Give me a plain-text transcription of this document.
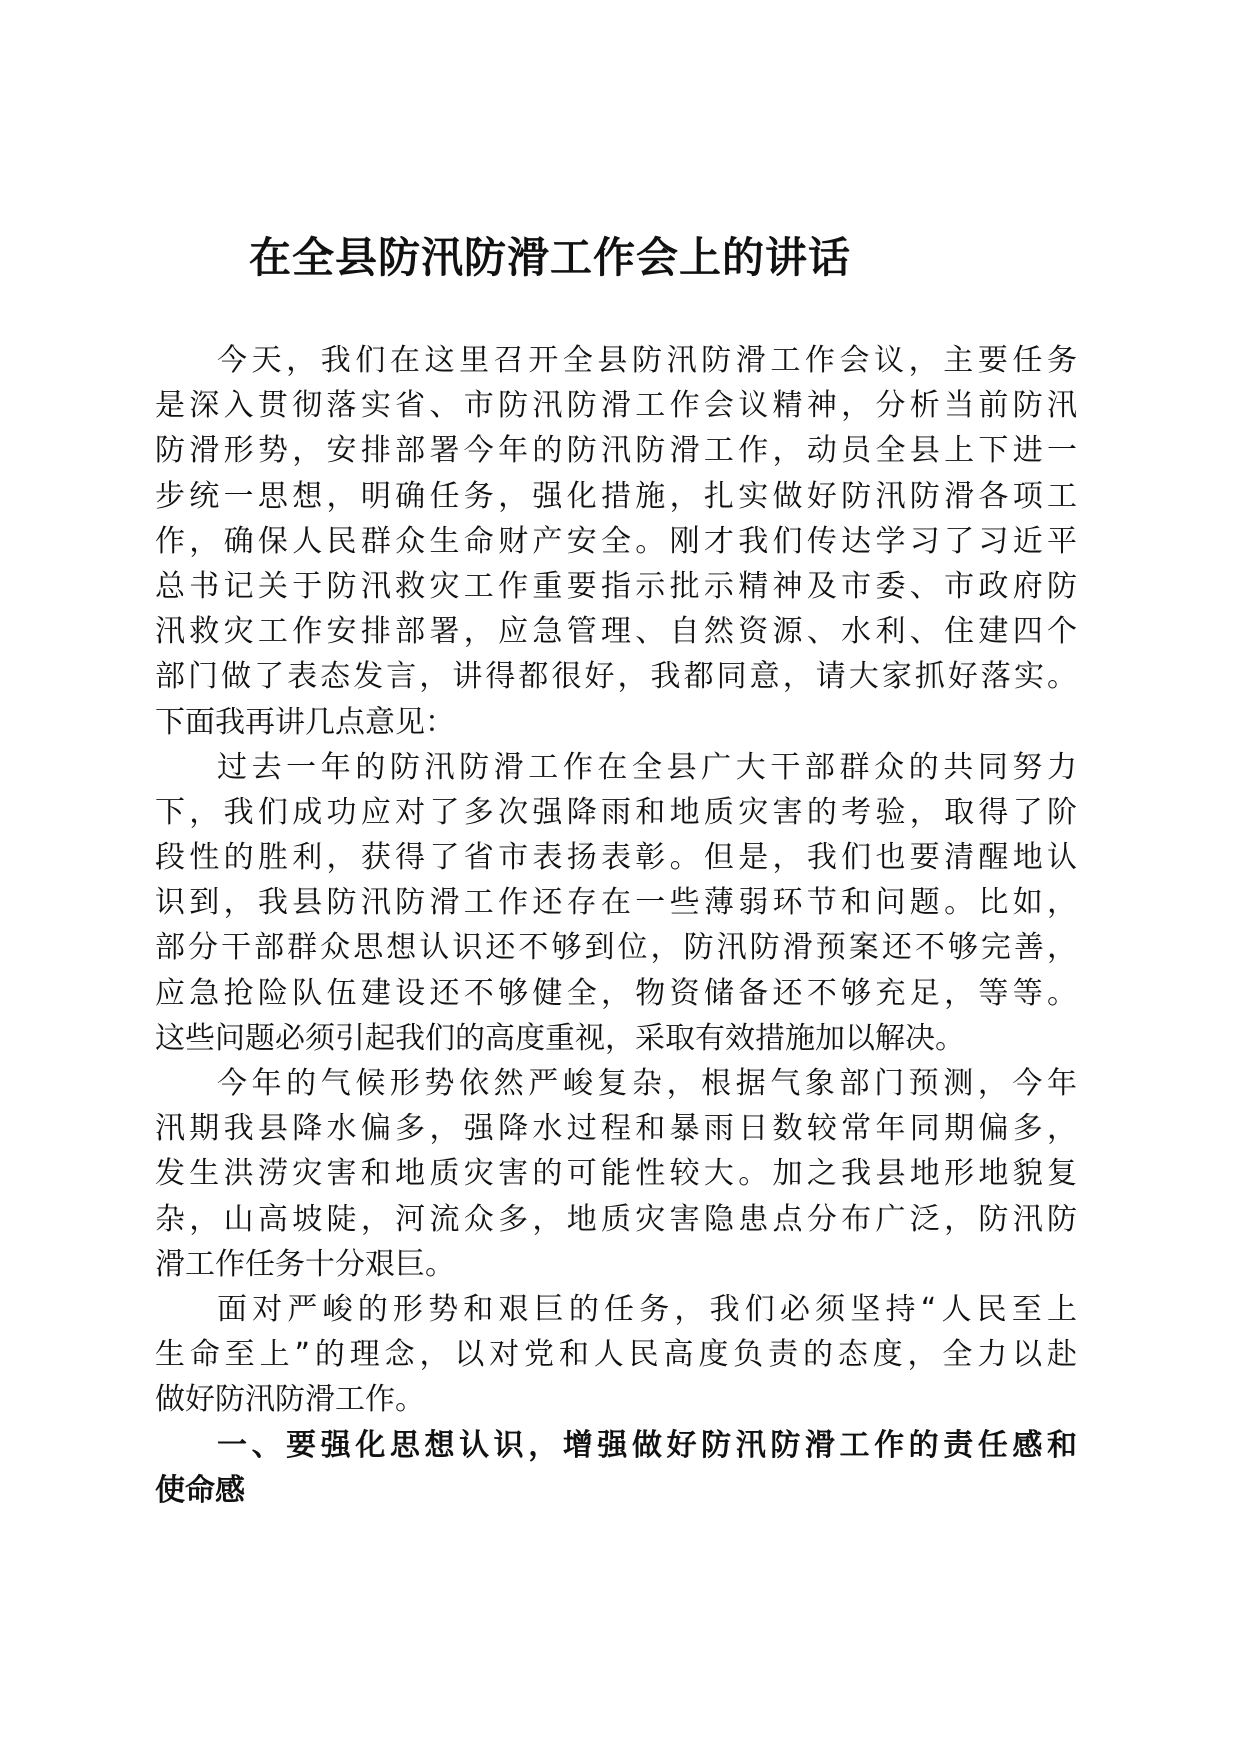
在全县防汛防滑工作会上的讲话
今天，我们在这里召开全县防汛防滑工作会议，主要任务
是深入贯彻落实省、市防汛防滑工作会议精神，分析当前防汛
防滑形势，安排部署今年的防汛防滑工作，动员全县上下进一
步统一思想，明确任务，强化措施，扎实做好防汛防滑各项工
作，确保人民群众生命财产安全。刚才我们传达学习了习近平
总书记关于防汛救灾工作重要指示批示精神及市委、市政府防
汛救灾工作安排部署，应急管理、自然资源、水利、住建四个
部门做了表态发言，讲得都很好，我都同意，请大家抓好落实。
下面我再讲几点意见：
过去一年的防汛防滑工作在全县广大干部群众的共同努力
下，我们成功应对了多次强降雨和地质灾害的考验，取得了阶
段性的胜利，获得了省市表扬表彰。但是，我们也要清醒地认
识到，我县防汛防滑工作还存在一些薄弱环节和问题。比如，
部分干部群众思想认识还不够到位，防汛防滑预案还不够完善，
应急抢险队伍建设还不够健全，物资储备还不够充足，等等。
这些问题必须引起我们的高度重视，采取有效措施加以解决。
今年的气候形势依然严峻复杂，根据气象部门预测，今年
汛期我县降水偏多，强降水过程和暴雨日数较常年同期偏多，
发生洪涝灾害和地质灾害的可能性较大。加之我县地形地貌复
杂，山高坡陡，河流众多，地质灾害隐患点分布广泛，防汛防
滑工作任务十分艰巨。
面对严峻的形势和艰巨的任务，我们必须坚持“人民至上
生命至上”的理念，以对党和人民高度负责的态度，全力以赴
做好防汛防滑工作。
一、要强化思想认识，增强做好防汛防滑工作的责任感和
使命感
